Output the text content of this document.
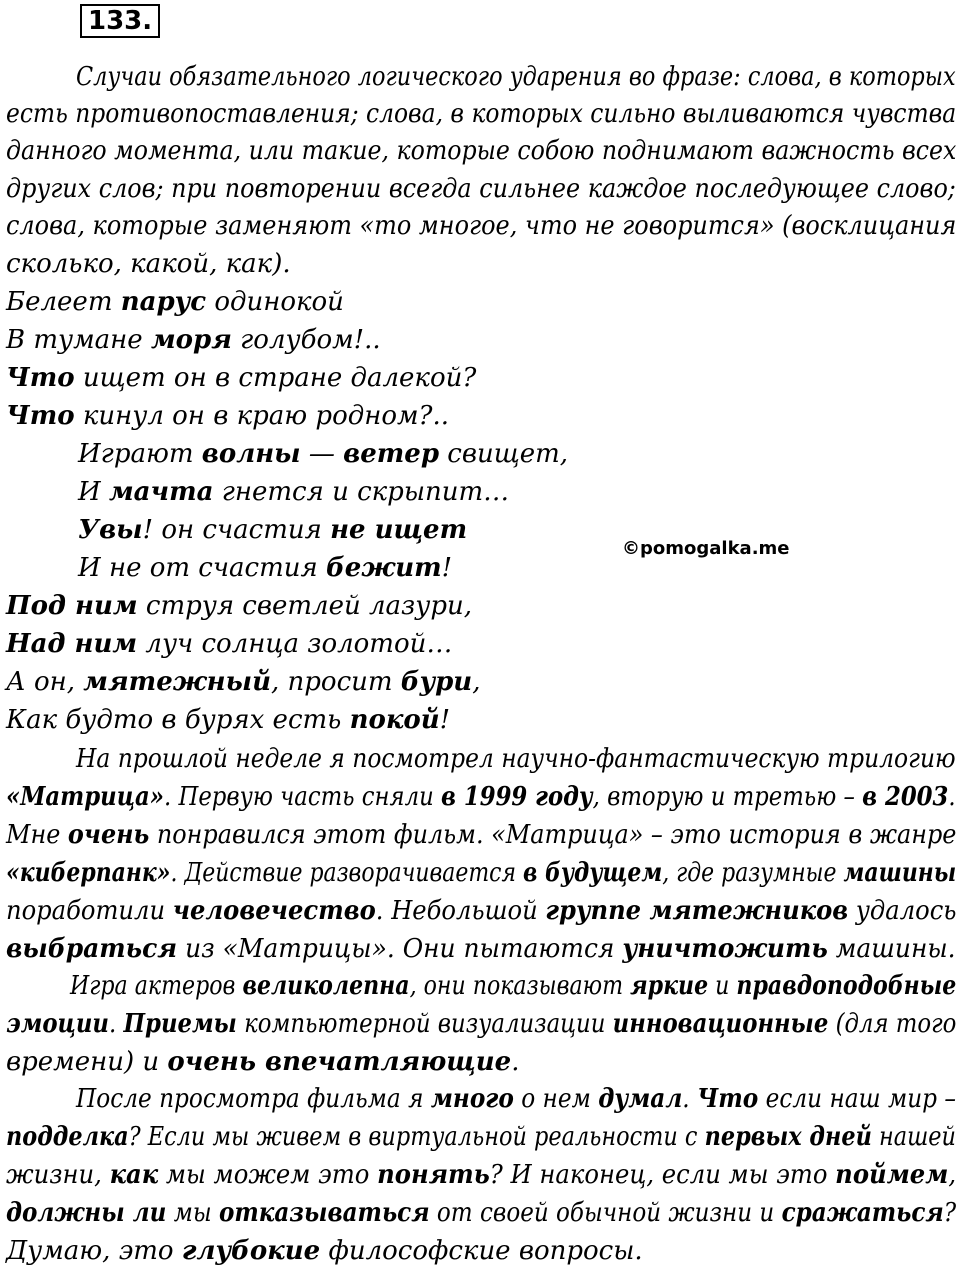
133.
Случаи обязательного логического ударения во фразе: слова, в которых
есть противопоставления; слова, в которых сильно выливаются чувства
данного момента, или такие, которые собою поднимают важность всех
других слов; при повторении всегда сильнее каждое последующее слово;
слова, которые заменяют «то многое, что не говорится» (восклицания
сколько, какой, как).
Белеет парус одинокой
В тумане моря голубом!..
Что ищет он в стране далекой?
Что кинул он в краю родном?..
Играют волны — ветер свищет,
И мачта гнется и скрыпит…
Увы! он счастия не ищет
И не от счастия бежит!
Под ним струя светлей лазури,
Над ним луч солнца золотой…
А он, мятежный, просит бури,
Как будто в бурях есть покой!
На прошлой неделе я посмотрел научно-фантастическую трилогию
«Матрица». Первую часть сняли в 1999 году, вторую и третью – в 2003.
Мне очень понравился этот фильм. «Матрица» – это история в жанре
«киберпанк». Действие разворачивается в будущем, где разумные машины
поработили человечество. Небольшой группе мятежников удалось
выбраться из «Матрицы». Они пытаются уничтожить машины.
Игра актеров великолепна, они показывают яркие и правдоподобные
эмоции. Приемы компьютерной визуализации инновационные (для того
времени) и очень впечатляющие.
После просмотра фильма я много о нем думал. Что если наш мир –
подделка? Если мы живем в виртуальной реальности с первых дней нашей
жизни, как мы можем это понять? И наконец, если мы это поймем,
должны ли мы отказываться от своей обычной жизни и сражаться?
Думаю, это глубокие философские вопросы.
©pomogalka.me
